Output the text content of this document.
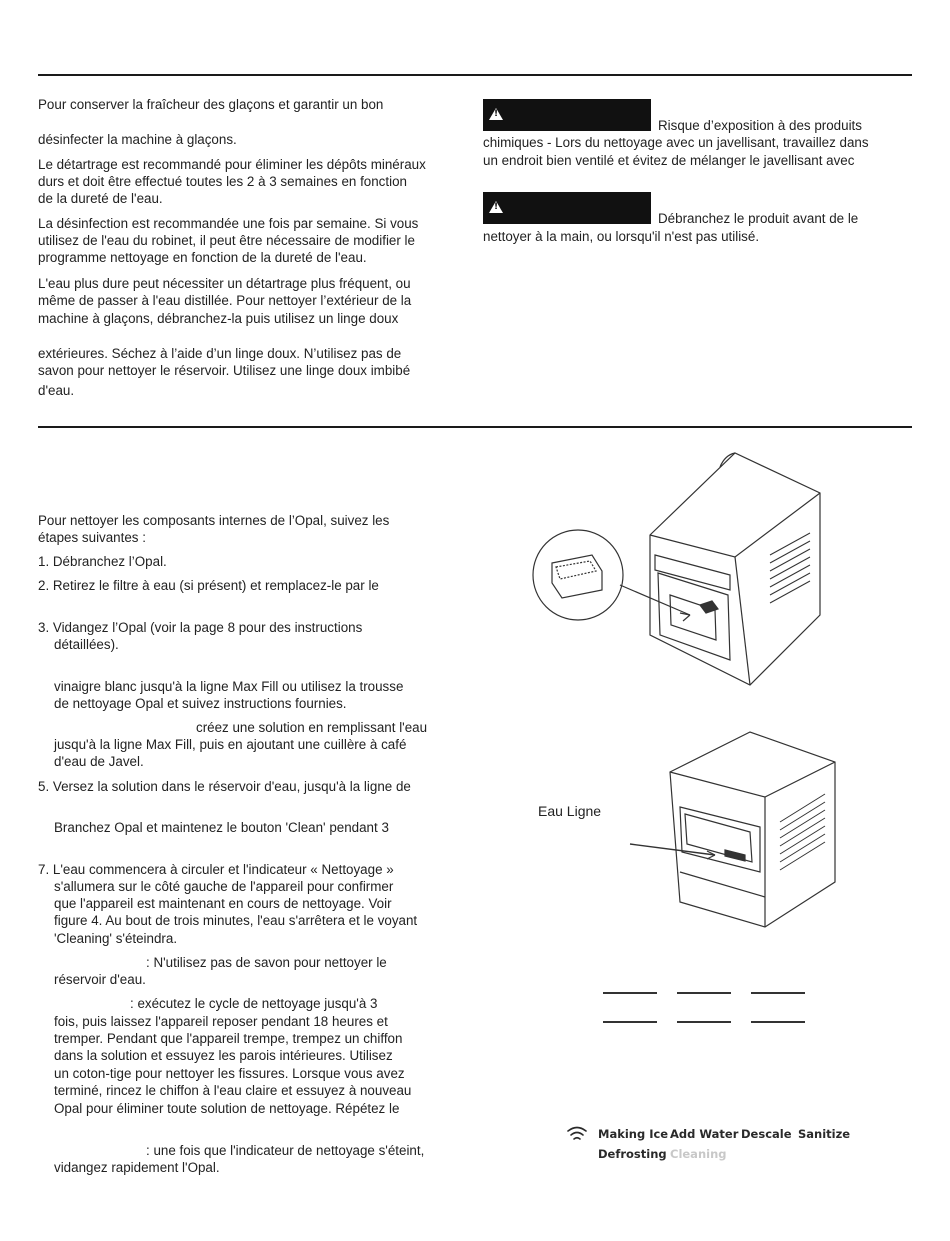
Pour conserver la fraîcheur des glaçons et garantir un bon
désinfecter la machine à glaçons.
Le détartrage est recommandé pour éliminer les dépôts minéraux
durs et doit être effectué toutes les 2 à 3 semaines en fonction
de la dureté de l'eau.
La désinfection est recommandée une fois par semaine. Si vous
utilisez de l'eau du robinet, il peut être nécessaire de modifier le
programme nettoyage en fonction de la dureté de l'eau.
L'eau plus dure peut nécessiter un détartrage plus fréquent, ou
même de passer à l'eau distillée. Pour nettoyer l’extérieur de la
machine à glaçons, débranchez-la puis utilisez un linge doux
extérieures. Séchez à l’aide d’un linge doux. N’utilisez pas de
savon pour nettoyer le réservoir. Utilisez une linge doux imbibé
d'eau.
!
Risque d’exposition à des produits
chimiques - Lors du nettoyage avec un javellisant, travaillez dans
un endroit bien ventilé et évitez de mélanger le javellisant avec
!
Débranchez le produit avant de le
nettoyer à la main, ou lorsqu'il n'est pas utilisé.
Pour nettoyer les composants internes de l’Opal, suivez les
étapes suivantes :
1. Débranchez l’Opal.
2. Retirez le filtre à eau (si présent) et remplacez-le par le
3. Vidangez l’Opal (voir la page 8 pour des instructions
détaillées).
vinaigre blanc jusqu'à la ligne Max Fill ou utilisez la trousse
de nettoyage Opal et suivez instructions fournies.
créez une solution en remplissant l'eau
jusqu'à la ligne Max Fill, puis en ajoutant une cuillère à café
d'eau de Javel.
5. Versez la solution dans le réservoir d'eau, jusqu'à la ligne de
Branchez Opal et maintenez le bouton 'Clean' pendant 3
7. L'eau commencera à circuler et l'indicateur « Nettoyage »
s'allumera sur le côté gauche de l'appareil pour confirmer
que l'appareil est maintenant en cours de nettoyage. Voir
figure 4. Au bout de trois minutes, l'eau s'arrêtera et le voyant
'Cleaning' s'éteindra.
: N'utilisez pas de savon pour nettoyer le
réservoir d'eau.
: exécutez le cycle de nettoyage jusqu'à 3
fois, puis laissez l'appareil reposer pendant 18 heures et
tremper. Pendant que l'appareil trempe, trempez un chiffon
dans la solution et essuyez les parois intérieures. Utilisez
un coton-tige pour nettoyer les fissures. Lorsque vous avez
terminé, rincez le chiffon à l'eau claire et essuyez à nouveau
Opal pour éliminer toute solution de nettoyage. Répétez le
: une fois que l'indicateur de nettoyage s'éteint,
vidangez rapidement l'Opal.
Eau Ligne
Making Ice Add Water Descale Sanitize
Defrosting Cleaning
